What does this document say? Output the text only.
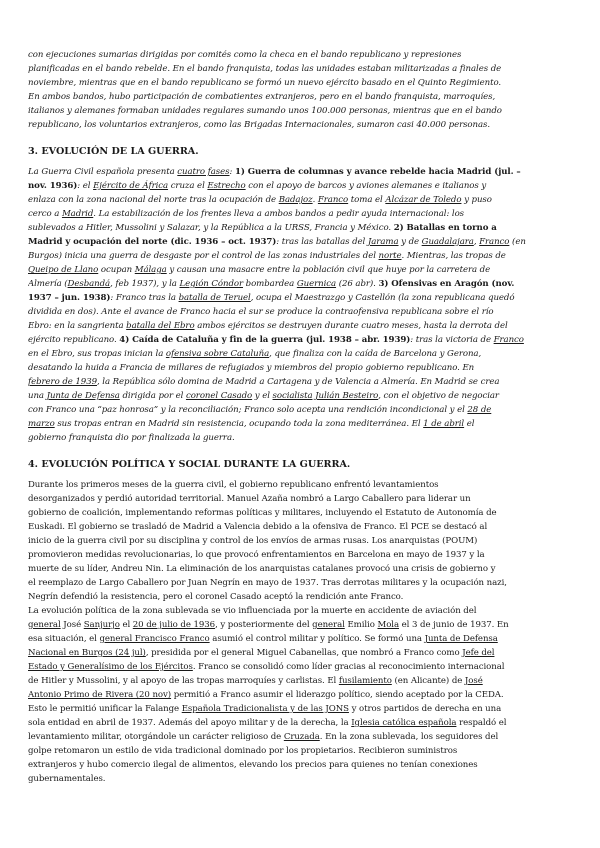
con ejecuciones sumarias dirigidas por comités como la checa en el bando republicano y represiones
planificadas en el bando rebelde. En el bando franquista, todas las unidades estaban militarizadas a finales de
noviembre, mientras que en el bando republicano se formó un nuevo ejército basado en el Quinto Regimiento.
En ambos bandos, hubo participación de combatientes extranjeros, pero en el bando franquista, marroquíes,
italianos y alemanes formaban unidades regulares sumando unos 100.000 personas, mientras que en el bando
republicano, los voluntarios extranjeros, como las Brigadas Internacionales, sumaron casi 40.000 personas.

3. EVOLUCIÓN DE LA GUERRA.

La Guerra Civil española presenta cuatro fases: 1) Guerra de columnas y avance rebelde hacia Madrid (jul. –
nov. 1936): el Ejército de África cruza el Estrecho con el apoyo de barcos y aviones alemanes e italianos y
enlaza con la zona nacional del norte tras la ocupación de Badajoz. Franco toma el Alcázar de Toledo y puso
cerco a Madrid. La estabilización de los frentes lleva a ambos bandos a pedir ayuda internacional: los
sublevados a Hitler, Mussolini y Salazar, y la República a la URSS, Francia y México. 2) Batallas en torno a
Madrid y ocupación del norte (dic. 1936 – oct. 1937): tras las batallas del Jarama y de Guadalajara, Franco (en
Burgos) inicia una guerra de desgaste por el control de las zonas industriales del norte. Mientras, las tropas de
Queipo de Llano ocupan Málaga y causan una masacre entre la población civil que huye por la carretera de
Almería (Desbandá, feb 1937), y la Legión Cóndor bombardea Guernica (26 abr). 3) Ofensivas en Aragón (nov.
1937 – jun. 1938): Franco tras la batalla de Teruel, ocupa el Maestrazgo y Castellón (la zona republicana quedó
dividida en dos). Ante el avance de Franco hacia el sur se produce la contraofensiva republicana sobre el río
Ebro: en la sangrienta batalla del Ebro ambos ejércitos se destruyen durante cuatro meses, hasta la derrota del
ejército republicano. 4) Caída de Cataluña y fin de la guerra (jul. 1938 – abr. 1939): tras la victoria de Franco
en el Ebro, sus tropas inician la ofensiva sobre Cataluña, que finaliza con la caída de Barcelona y Gerona,
desatando la huida a Francia de millares de refugiados y miembros del propio gobierno republicano. En
febrero de 1939, la República sólo domina de Madrid a Cartagena y de Valencia a Almería. En Madrid se crea
una Junta de Defensa dirigida por el coronel Casado y el socialista Julián Besteiro, con el objetivo de negociar
con Franco una “paz honrosa” y la reconciliación; Franco solo acepta una rendición incondicional y el 28 de
marzo sus tropas entran en Madrid sin resistencia, ocupando toda la zona mediterránea. El 1 de abril el
gobierno franquista dio por finalizada la guerra.

4. EVOLUCIÓN POLÍTICA Y SOCIAL DURANTE LA GUERRA.

Durante los primeros meses de la guerra civil, el gobierno republicano enfrentó levantamientos
desorganizados y perdió autoridad territorial. Manuel Azaña nombró a Largo Caballero para liderar un
gobierno de coalición, implementando reformas políticas y militares, incluyendo el Estatuto de Autonomía de
Euskadi. El gobierno se trasladó de Madrid a Valencia debido a la ofensiva de Franco. El PCE se destacó al
inicio de la guerra civil por su disciplina y control de los envíos de armas rusas. Los anarquistas (POUM)
promovieron medidas revolucionarias, lo que provocó enfrentamientos en Barcelona en mayo de 1937 y la
muerte de su líder, Andreu Nin. La eliminación de los anarquistas catalanes provocó una crisis de gobierno y
el reemplazo de Largo Caballero por Juan Negrín en mayo de 1937. Tras derrotas militares y la ocupación nazi,
Negrín defendió la resistencia, pero el coronel Casado aceptó la rendición ante Franco.

La evolución política de la zona sublevada se vio influenciada por la muerte en accidente de aviación del
general José Sanjurjo el 20 de julio de 1936, y posteriormente del general Emilio Mola el 3 de junio de 1937. En
esa situación, el general Francisco Franco asumió el control militar y político. Se formó una Junta de Defensa
Nacional en Burgos (24 jul), presidida por el general Miguel Cabanellas, que nombró a Franco como Jefe del
Estado y Generalísimo de los Ejércitos. Franco se consolidó como líder gracias al reconocimiento internacional
de Hitler y Mussolini, y al apoyo de las tropas marroquíes y carlistas. El fusilamiento (en Alicante) de José
Antonio Primo de Rivera (20 nov) permitió a Franco asumir el liderazgo político, siendo aceptado por la CEDA.
Esto le permitió unificar la Falange Española Tradicionalista y de las JONS y otros partidos de derecha en una
sola entidad en abril de 1937. Además del apoyo militar y de la derecha, la Iglesia católica española respaldó el
levantamiento militar, otorgándole un carácter religioso de Cruzada. En la zona sublevada, los seguidores del
golpe retomaron un estilo de vida tradicional dominado por los propietarios. Recibieron suministros
extranjeros y hubo comercio ilegal de alimentos, elevando los precios para quienes no tenían conexiones
gubernamentales.
